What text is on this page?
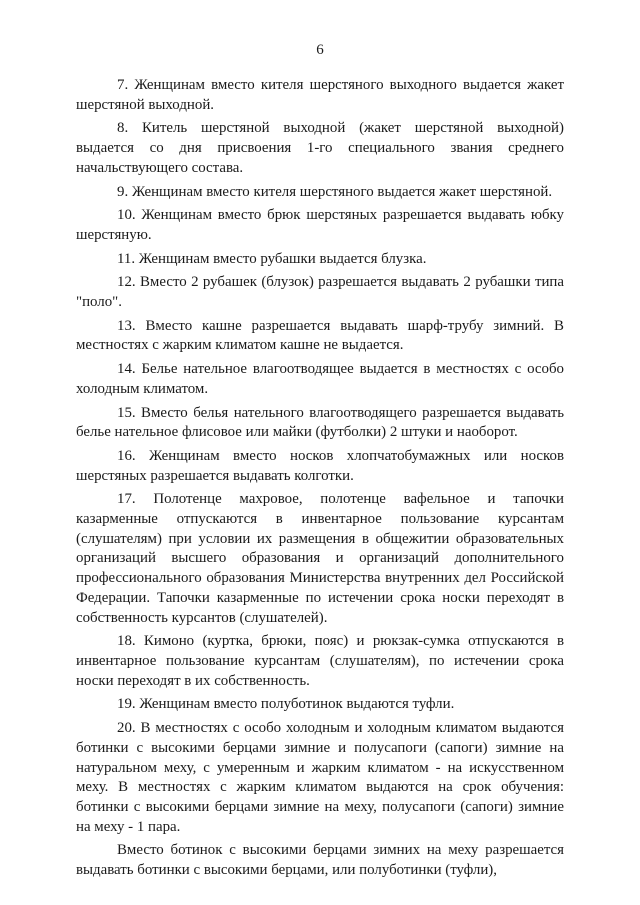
6

7. Женщинам вместо кителя шерстяного выходного выдается жакет шерстяной выходной.

8. Китель шерстяной выходной (жакет шерстяной выходной) выдается со дня присвоения 1-го специального звания среднего начальствующего состава.

9. Женщинам вместо кителя шерстяного выдается жакет шерстяной.

10. Женщинам вместо брюк шерстяных разрешается выдавать юбку шерстяную.

11. Женщинам вместо рубашки выдается блузка.

12. Вместо 2 рубашек (блузок) разрешается выдавать 2 рубашки типа "поло".

13. Вместо кашне разрешается выдавать шарф-трубу зимний. В местностях с жарким климатом кашне не выдается.

14. Белье нательное влагоотводящее выдается в местностях с особо холодным климатом.

15. Вместо белья нательного влагоотводящего разрешается выдавать белье нательное флисовое или майки (футболки) 2 штуки и наоборот.

16. Женщинам вместо носков хлопчатобумажных или носков шерстяных разрешается выдавать колготки.

17. Полотенце махровое, полотенце вафельное и тапочки казарменные отпускаются в инвентарное пользование курсантам (слушателям) при условии их размещения в общежитии образовательных организаций высшего образования и организаций дополнительного профессионального образования Министерства внутренних дел Российской Федерации. Тапочки казарменные по истечении срока носки переходят в собственность курсантов (слушателей).

18. Кимоно (куртка, брюки, пояс) и рюкзак-сумка отпускаются в инвентарное пользование курсантам (слушателям), по истечении срока носки переходят в их собственность.

19. Женщинам вместо полуботинок выдаются туфли.

20. В местностях с особо холодным и холодным климатом выдаются ботинки с высокими берцами зимние и полусапоги (сапоги) зимние на натуральном меху, с умеренным и жарким климатом - на искусственном меху. В местностях с жарким климатом выдаются на срок обучения: ботинки с высокими берцами зимние на меху, полусапоги (сапоги) зимние на меху - 1 пара.

Вместо ботинок с высокими берцами зимних на меху разрешается выдавать ботинки с высокими берцами, или полуботинки (туфли),
